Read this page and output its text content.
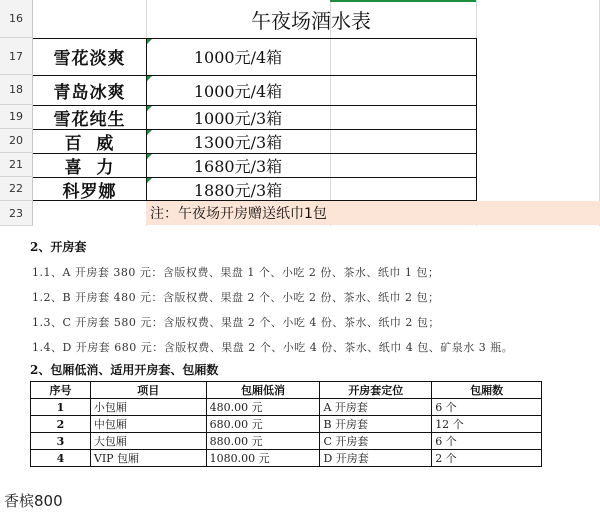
16
17
18
19
20
21
22
23
午夜场酒水表
雪花淡爽	1000元/4箱
青岛冰爽	1000元/4箱
雪花纯生	1000元/3箱
百  威	1300元/3箱
喜  力	1680元/3箱
科罗娜	1880元/3箱
注：午夜场开房赠送纸巾1包
2、开房套
1.1、A 开房套 380 元：含版权费、果盘 1 个、小吃 2 份、茶水、纸巾 1 包；
1.2、B 开房套 480 元：含版权费、果盘 2 个、小吃 2 份、茶水、纸巾 2 包；
1.3、C 开房套 580 元：含版权费、果盘 2 个、小吃 4 份、茶水、纸巾 2 包；
1.4、D 开房套 680 元：含版权费、果盘 2 个、小吃 4 份、茶水、纸巾 4 包、矿泉水 3 瓶。
2、包厢低消、适用开房套、包厢数
序号	项目	包厢低消	开房套定位	包厢数
1	小包厢	480.00 元	A 开房套	6 个
2	中包厢	680.00 元	B 开房套	12 个
3	大包厢	880.00 元	C 开房套	6 个
4	VIP 包厢	1080.00 元	D 开房套	2 个
香槟800
